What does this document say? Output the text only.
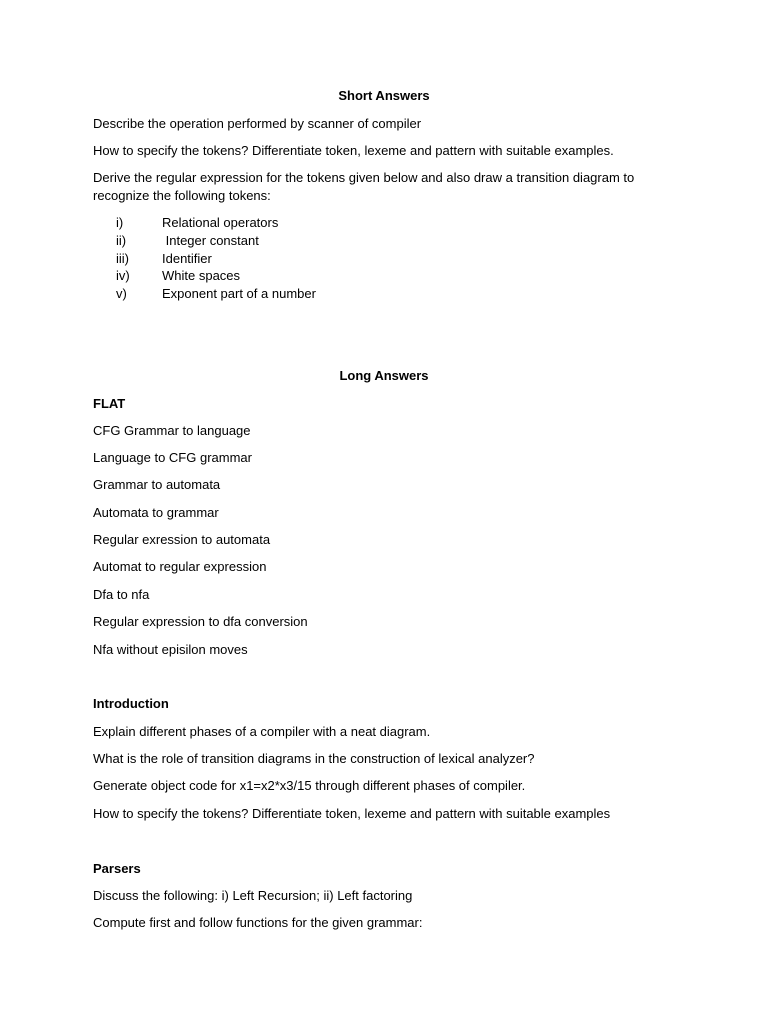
Short Answers
Describe the operation performed by scanner of compiler
How to specify the tokens? Differentiate token, lexeme and pattern with suitable examples.
Derive the regular expression for the tokens given below and also draw a transition diagram to recognize the following tokens:
i)	Relational operators
ii)	Integer constant
iii)	Identifier
iv) White spaces
v)	Exponent part of a number
Long Answers
FLAT
CFG Grammar to language
Language to CFG grammar
Grammar to automata
Automata to grammar
Regular exression to automata
Automat to regular expression
Dfa to nfa
Regular expression to dfa conversion
Nfa without episilon moves
Introduction
Explain different phases of a compiler with a neat diagram.
What is the role of transition diagrams in the construction of lexical analyzer?
Generate object code for x1=x2*x3/15 through different phases of compiler.
How to specify the tokens? Differentiate token, lexeme and pattern with suitable examples
Parsers
Discuss the following: i) Left Recursion; ii) Left factoring
Compute first and follow functions for the given grammar:
